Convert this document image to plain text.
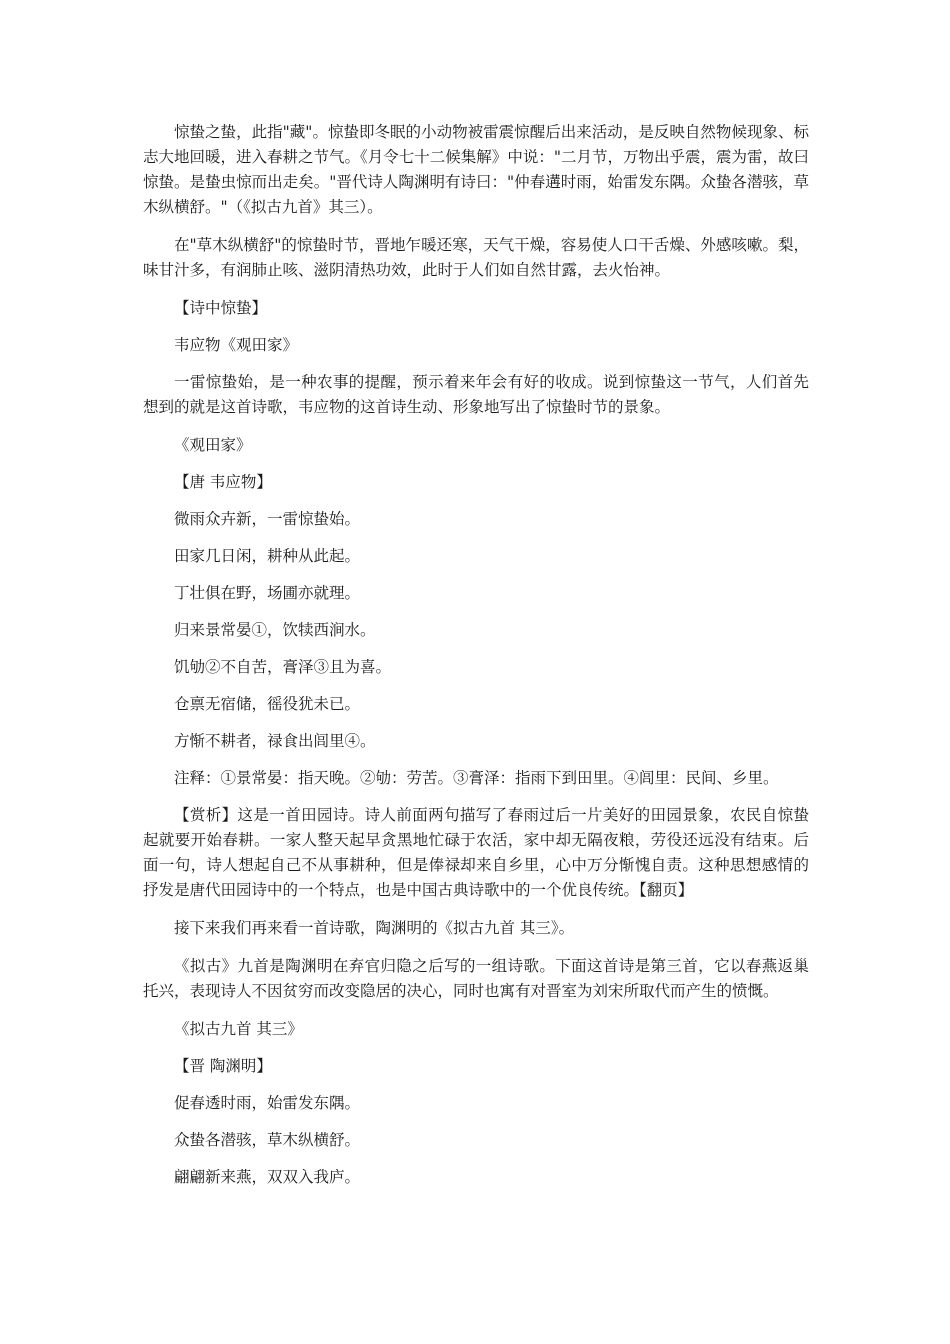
惊蛰之蛰，此指"藏"。惊蛰即冬眠的小动物被雷震惊醒后出来活动，是反映自然物候现象、标志大地回暖，进入春耕之节气。《月令七十二候集解》中说："二月节，万物出乎震，震为雷，故曰惊蛰。是蛰虫惊而出走矣。"晋代诗人陶渊明有诗曰："仲春遘时雨，始雷发东隅。众蛰各潜骇，草木纵横舒。"（《拟古九首》其三）。

在"草木纵横舒"的惊蛰时节，晋地乍暖还寒，天气干燥，容易使人口干舌燥、外感咳嗽。梨，味甘汁多，有润肺止咳、滋阴清热功效，此时于人们如自然甘露，去火怡神。

【诗中惊蛰】

韦应物《观田家》

一雷惊蛰始，是一种农事的提醒，预示着来年会有好的收成。说到惊蛰这一节气，人们首先想到的就是这首诗歌，韦应物的这首诗生动、形象地写出了惊蛰时节的景象。

《观田家》

【唐 韦应物】

微雨众卉新，一雷惊蛰始。

田家几日闲，耕种从此起。

丁壮俱在野，场圃亦就理。

归来景常晏①，饮犊西涧水。

饥劬②不自苦，膏泽③且为喜。

仓禀无宿储，徭役犹未已。

方惭不耕者，禄食出闾里④。

注释：①景常晏：指天晚。②劬：劳苦。③膏泽：指雨下到田里。④闾里：民间、乡里。

【赏析】这是一首田园诗。诗人前面两句描写了春雨过后一片美好的田园景象，农民自惊蛰起就要开始春耕。一家人整天起早贪黑地忙碌于农活，家中却无隔夜粮，劳役还远没有结束。后面一句，诗人想起自己不从事耕种，但是俸禄却来自乡里，心中万分惭愧自责。这种思想感情的抒发是唐代田园诗中的一个特点，也是中国古典诗歌中的一个优良传统。【翻页】

接下来我们再来看一首诗歌，陶渊明的《拟古九首 其三》。

《拟古》九首是陶渊明在弃官归隐之后写的一组诗歌。下面这首诗是第三首，它以春燕返巢托兴，表现诗人不因贫穷而改变隐居的决心，同时也寓有对晋室为刘宋所取代而产生的愤慨。

《拟古九首 其三》

【晋 陶渊明】

促春透时雨，始雷发东隅。

众蛰各潜骇，草木纵横舒。

翩翩新来燕，双双入我庐。
